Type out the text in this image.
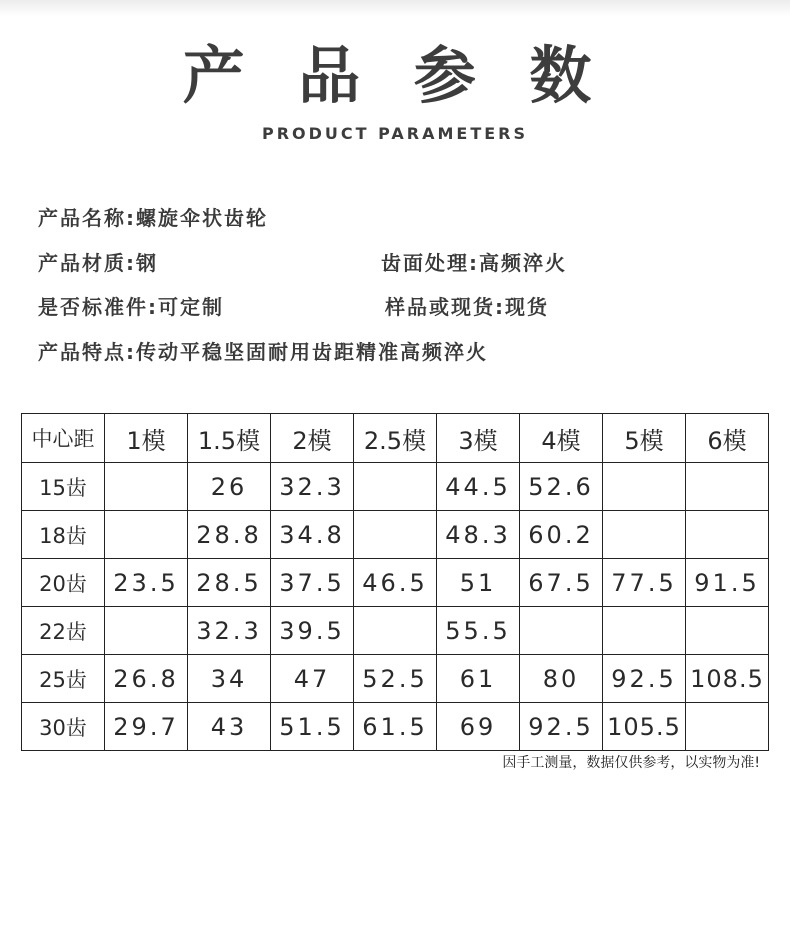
产 品 参 数
PRODUCT PARAMETERS
产品名称:螺旋伞状齿轮
产品材质:钢	齿面处理:高频淬火
是否标准件:可定制	样品或现货:现货
产品特点:传动平稳坚固耐用齿距精准高频淬火
中心距	1模	1.5模	2模	2.5模	3模	4模	5模	6模
15齿		26	32.3		44.5	52.6		
18齿		28.8	34.8		48.3	60.2		
20齿	23.5	28.5	37.5	46.5	51	67.5	77.5	91.5
22齿		32.3	39.5		55.5			
25齿	26.8	34	47	52.5	61	80	92.5	108.5
30齿	29.7	43	51.5	61.5	69	92.5	105.5	
因手工测量，数据仅供参考，以实物为准!
